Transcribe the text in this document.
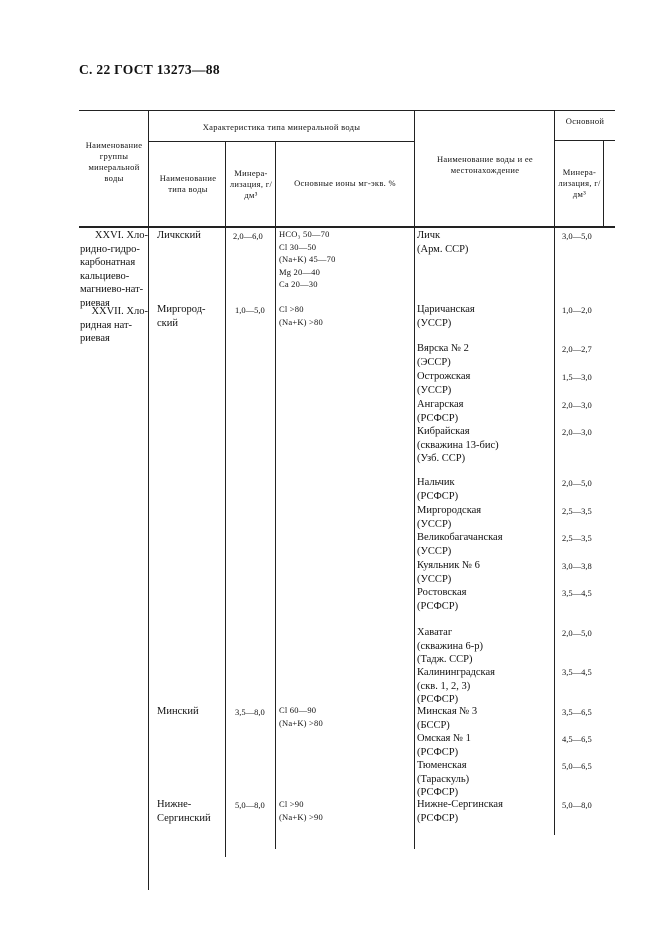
С. 22 ГОСТ 13273—88
Наименование группы минеральной воды
Характеристика типа минеральной воды
Наименование типа воды
Минера-лизация, г/дм³
Основные ионы мг-экв. %
Наименование воды и ее местонахождение
Основной
Минера-лизация, г/дм³
XXVI. Хло-
ридно-гидро-
карбонатная
кальциево-
магниево-нат-
риевая
XXVII. Хло-
ридная нат-
риевая
Личкский	2,0—6,0 HCO₃ 50—70
Cl 30—50
(Na+K) 45—70
Mg 20—40
Ca 20—30
Миргород-
ский
1,0—5,0 Cl >80
(Na+K) >80
Минский	3,5—8,0 Cl 60—90
(Na+K) >80
Нижне-
Сергинский
5,0—8,0 Cl >90
(Na+K) >90
Личк
(Арм. ССР)
3,0—5,0
Царичанская
(УССР)
1,0—2,0
Вярска № 2
(ЭССР)
2,0—2,7
Острожская
(УССР)
1,5—3,0
Ангарская
(РСФСР)
2,0—3,0
Кибрайская
(скважина 13-бис)
(Узб. ССР)
2,0—3,0
Нальчик
(РСФСР)
2,0—5,0
Миргородская
(УССР)
2,5—3,5
Великобагачанская
(УССР)
2,5—3,5
Куяльник № 6
(УССР)
3,0—3,8
Ростовская
(РСФСР)
3,5—4,5
Хаватаг
(скважина 6-р)
(Тадж. ССР)
2,0—5,0
Калининградская
(скв. 1, 2, 3)
(РСФСР)
3,5—4,5
Минская № 3
(БССР)
3,5—6,5
Омская № 1
(РСФСР)
4,5—6,5
Тюменская
(Тараскуль)
(РСФСР)
5,0—6,5
Нижне-Сергинская
(РСФСР)
5,0—8,0
